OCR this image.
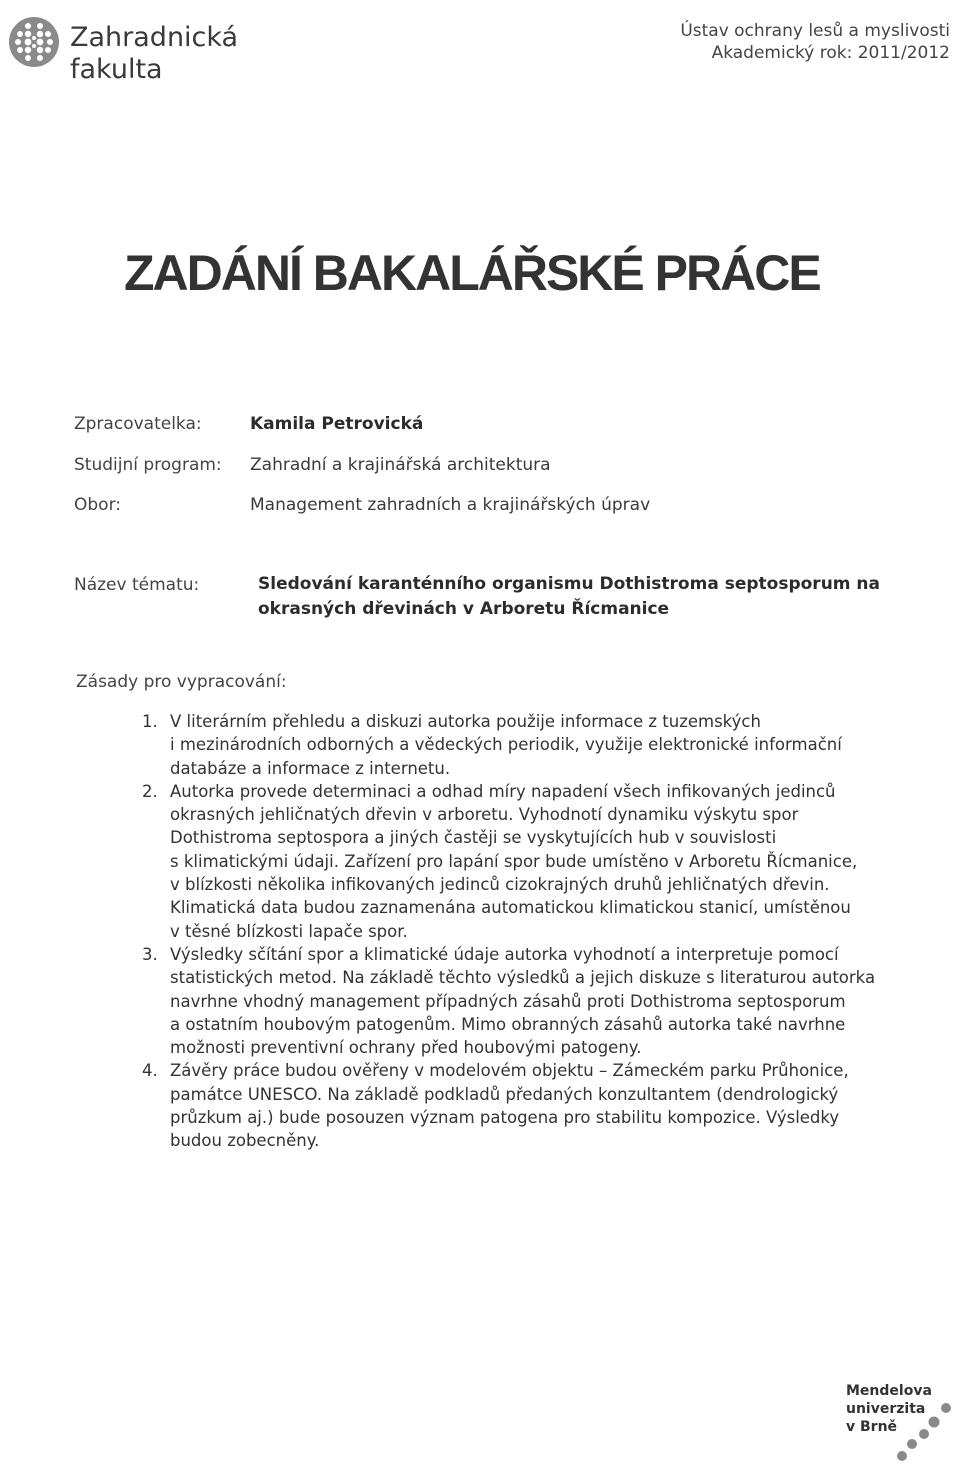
Zahradnická
fakulta
Ústav ochrany lesů a myslivosti
Akademický rok: 2011/2012
ZADÁNÍ BAKALÁŘSKÉ PRÁCE
Zpracovatelka:	Kamila Petrovická
Studijní program: Zahradní a krajinářská architektura
Obor:	Management zahradních a krajinářských úprav
Název tématu:	Sledování karanténního organismu Dothistroma septosporum na okrasných dřevinách v Arboretu Řícmanice
Zásady pro vypracování:
1. V literárním přehledu a diskuzi autorka použije informace z tuzemských
i mezinárodních odborných a vědeckých periodik, využije elektronické informační
databáze a informace z internetu.
2. Autorka provede determinaci a odhad míry napadení všech infikovaných jedinců
okrasných jehličnatých dřevin v arboretu. Vyhodnotí dynamiku výskytu spor
Dothistroma septospora a jiných častěji se vyskytujících hub v souvislosti
s klimatickými údaji. Zařízení pro lapání spor bude umístěno v Arboretu Řícmanice,
v blízkosti několika infikovaných jedinců cizokrajných druhů jehličnatých dřevin.
Klimatická data budou zaznamenána automatickou klimatickou stanicí, umístěnou
v těsné blízkosti lapače spor.
3. Výsledky sčítání spor a klimatické údaje autorka vyhodnotí a interpretuje pomocí
statistických metod. Na základě těchto výsledků a jejich diskuze s literaturou autorka
navrhne vhodný management případných zásahů proti Dothistroma septosporum
a ostatním houbovým patogenům. Mimo obranných zásahů autorka také navrhne
možnosti preventivní ochrany před houbovými patogeny.
4. Závěry práce budou ověřeny v modelovém objektu – Zámeckém parku Průhonice,
památce UNESCO. Na základě podkladů předaných konzultantem (dendrologický
průzkum aj.) bude posouzen význam patogena pro stabilitu kompozice. Výsledky
budou zobecněny.
Mendelova
univerzita
v Brně
